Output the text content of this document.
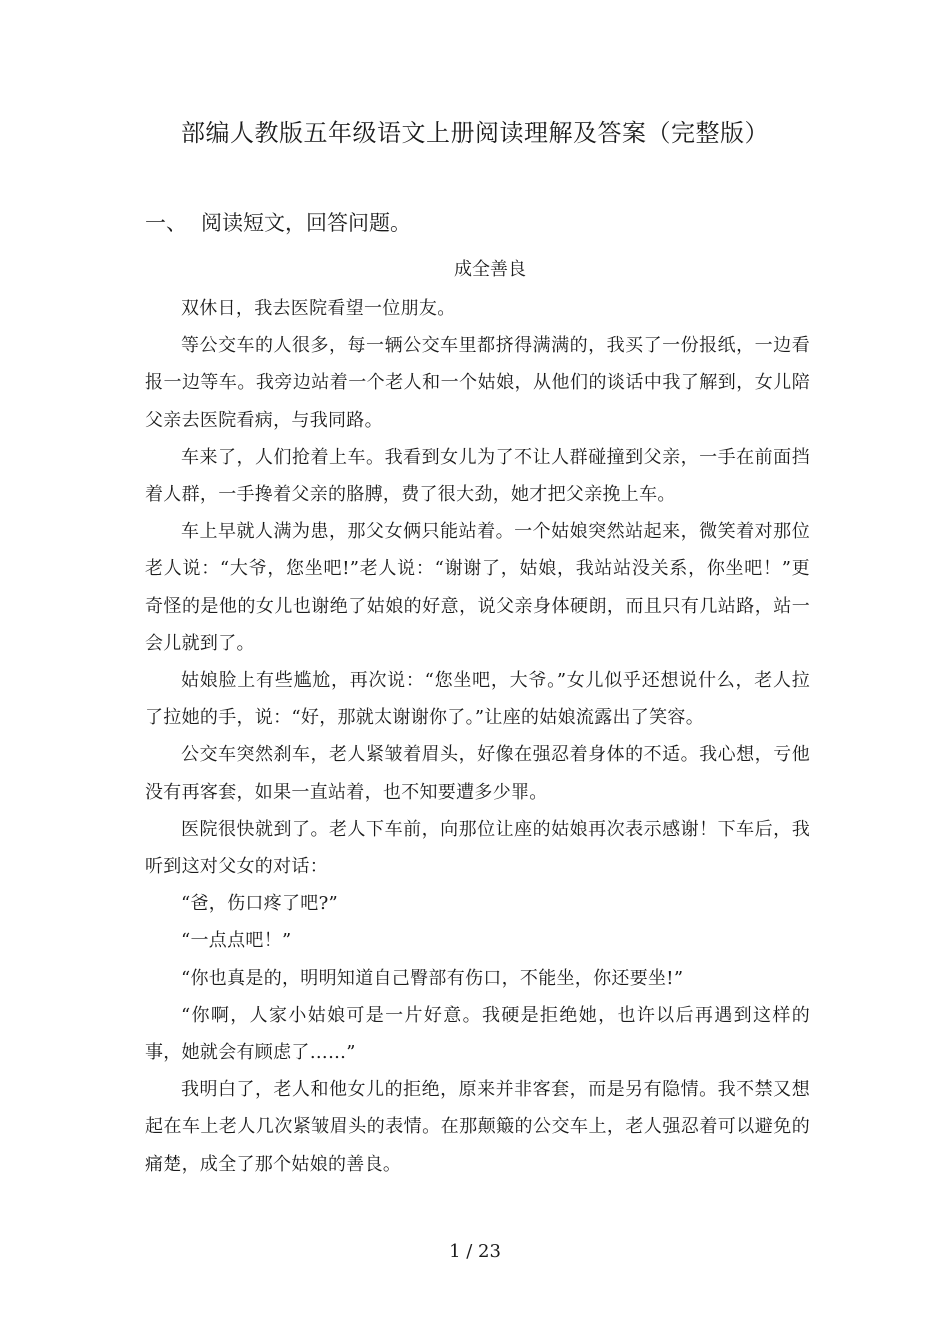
部编人教版五年级语文上册阅读理解及答案（完整版）
一、 阅读短文，回答问题。
成全善良

双休日，我去医院看望一位朋友。

等公交车的人很多，每一辆公交车里都挤得满满的，我买了一份报纸，一边看报一边等车。我旁边站着一个老人和一个姑娘，从他们的谈话中我了解到，女儿陪父亲去医院看病，与我同路。

车来了，人们抢着上车。我看到女儿为了不让人群碰撞到父亲，一手在前面挡着人群，一手搀着父亲的胳膊，费了很大劲，她才把父亲挽上车。

车上早就人满为患，那父女俩只能站着。一个姑娘突然站起来，微笑着对那位老人说：“大爷，您坐吧!”老人说：“谢谢了，姑娘，我站站没关系，你坐吧！”更奇怪的是他的女儿也谢绝了姑娘的好意，说父亲身体硬朗，而且只有几站路，站一会儿就到了。

姑娘脸上有些尴尬，再次说：“您坐吧，大爷。”女儿似乎还想说什么，老人拉了拉她的手，说：“好，那就太谢谢你了。”让座的姑娘流露出了笑容。

公交车突然刹车，老人紧皱着眉头，好像在强忍着身体的不适。我心想，亏他没有再客套，如果一直站着，也不知要遭多少罪。

医院很快就到了。老人下车前，向那位让座的姑娘再次表示感谢！下车后，我听到这对父女的对话：

“爸，伤口疼了吧?”

“一点点吧！”

“你也真是的，明明知道自己臀部有伤口，不能坐，你还要坐!”

“你啊，人家小姑娘可是一片好意。我硬是拒绝她，也许以后再遇到这样的事，她就会有顾虑了……”

我明白了，老人和他女儿的拒绝，原来并非客套，而是另有隐情。我不禁又想起在车上老人几次紧皱眉头的表情。在那颠簸的公交车上，老人强忍着可以避免的痛楚，成全了那个姑娘的善良。

1 / 23
